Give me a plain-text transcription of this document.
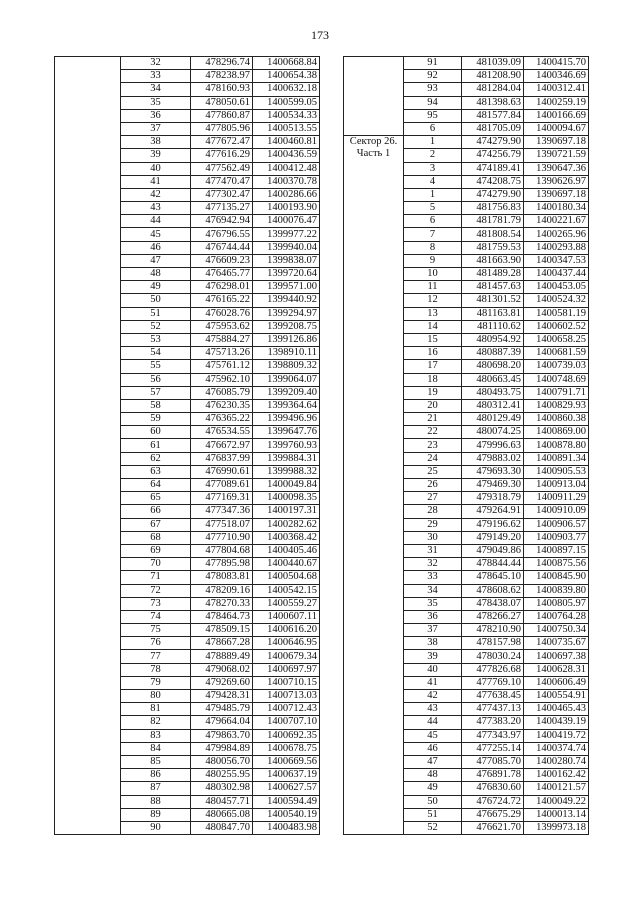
173
	32	478296.74	1400668.84
	33	478238.97	1400654.38
	34	478160.93	1400632.18
	35	478050.61	1400599.05
	36	477860.87	1400534.33
	37	477805.96	1400513.55
	38	477672.47	1400460.81
	39	477616.29	1400436.59
	40	477562.49	1400412.48
	41	477470.47	1400370.78
	42	477302.47	1400286.66
	43	477135.27	1400193.90
	44	476942.94	1400076.47
	45	476796.55	1399977.22
	46	476744.44	1399940.04
	47	476609.23	1399838.07
	48	476465.77	1399720.64
	49	476298.01	1399571.00
	50	476165.22	1399440.92
	51	476028.76	1399294.97
	52	475953.62	1399208.75
	53	475884.27	1399126.86
	54	475713.26	1398910.11
	55	475761.12	1398809.32
	56	475962.10	1399064.07
	57	476085.79	1399209.40
	58	476230.35	1399364.64
	59	476365.22	1399496.96
	60	476534.55	1399647.76
	61	476672.97	1399760.93
	62	476837.99	1399884.31
	63	476990.61	1399988.32
	64	477089.61	1400049.84
	65	477169.31	1400098.35
	66	477347.36	1400197.31
	67	477518.07	1400282.62
	68	477710.90	1400368.42
	69	477804.68	1400405.46
	70	477895.98	1400440.67
	71	478083.81	1400504.68
	72	478209.16	1400542.15
	73	478270.33	1400559.27
	74	478464.73	1400607.11
	75	478509.15	1400616.20
	76	478667.28	1400646.95
	77	478889.49	1400679.34
	78	479068.02	1400697.97
	79	479269.60	1400710.15
	80	479428.31	1400713.03
	81	479485.79	1400712.43
	82	479664.04	1400707.10
	83	479863.70	1400692.35
	84	479984.89	1400678.75
	85	480056.70	1400669.56
	86	480255.95	1400637.19
	87	480302.98	1400627.57
	88	480457.71	1400594.49
	89	480665.08	1400540.19
	90	480847.70	1400483.98
	91	481039.09	1400415.70
	92	481208.90	1400346.69
	93	481284.04	1400312.41
	94	481398.63	1400259.19
	95	481577.84	1400166.69
	6	481705.09	1400094.67

Сектор 26.
Часть 1	1	474279.90	1390697.18
	2	474256.79	1390721.59
	3	474189.41	1390647.36
	4	474208.75	1390626.97
	1	474279.90	1390697.18
	5	481756.83	1400180.34
	6	481781.79	1400221.67
	7	481808.54	1400265.96
	8	481759.53	1400293.88
	9	481663.90	1400347.53
	10	481489.28	1400437.44
	11	481457.63	1400453.05
	12	481301.52	1400524.32
	13	481163.81	1400581.19
	14	481110.62	1400602.52
	15	480954.92	1400658.25
	16	480887.39	1400681.59
	17	480698.20	1400739.03
	18	480663.45	1400748.69
	19	480493.75	1400791.71
	20	480312.41	1400829.93
	21	480129.49	1400860.38
	22	480074.25	1400869.00
	23	479996.63	1400878.80
	24	479883.02	1400891.34
	25	479693.30	1400905.53
	26	479469.30	1400913.04
	27	479318.79	1400911.29
	28	479264.91	1400910.09
	29	479196.62	1400906.57
	30	479149.20	1400903.77
	31	479049.86	1400897.15
	32	478844.44	1400875.56
	33	478645.10	1400845.90
	34	478608.62	1400839.80
	35	478438.07	1400805.97
	36	478266.27	1400764.28
	37	478210.90	1400750.34
	38	478157.98	1400735.67
	39	478030.24	1400697.38
	40	477826.68	1400628.31
	41	477769.10	1400606.49
	42	477638.45	1400554.91
	43	477437.13	1400465.43
	44	477383.20	1400439.19
	45	477343.97	1400419.72
	46	477255.14	1400374.74
	47	477085.70	1400280.74
	48	476891.78	1400162.42
	49	476830.60	1400121.57
	50	476724.72	1400049.22
	51	476675.29	1400013.14
	52	476621.70	1399973.18
